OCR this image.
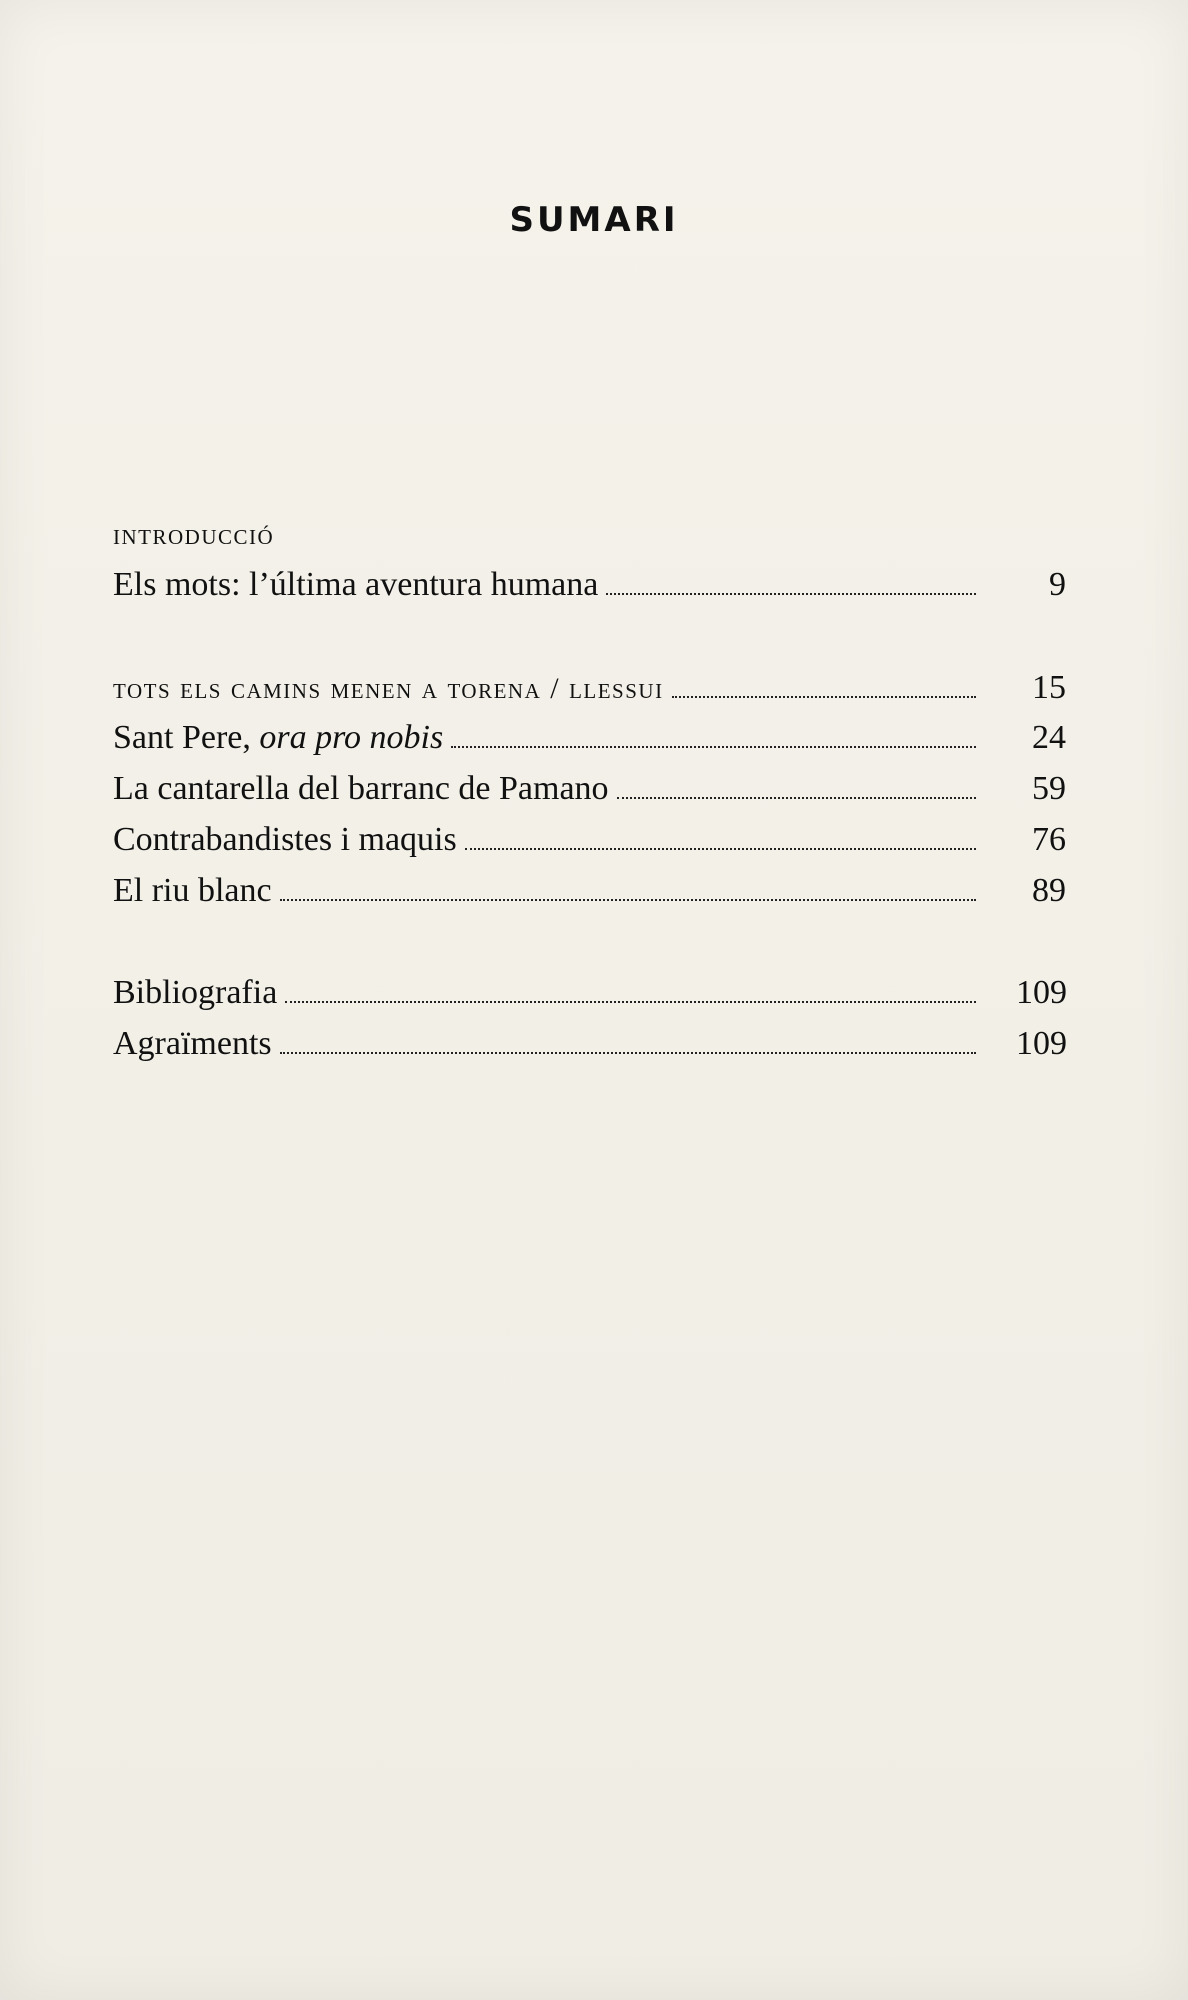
SUMARI
introducció
Els mots: l’última aventura humana	9
tots els camins menen a torena / llessui	15
Sant Pere, ora pro nobis	24
La cantarella del barranc de Pamano	59
Contrabandistes i maquis	76
El riu blanc	89
Bibliografia	109
Agraïments	109
